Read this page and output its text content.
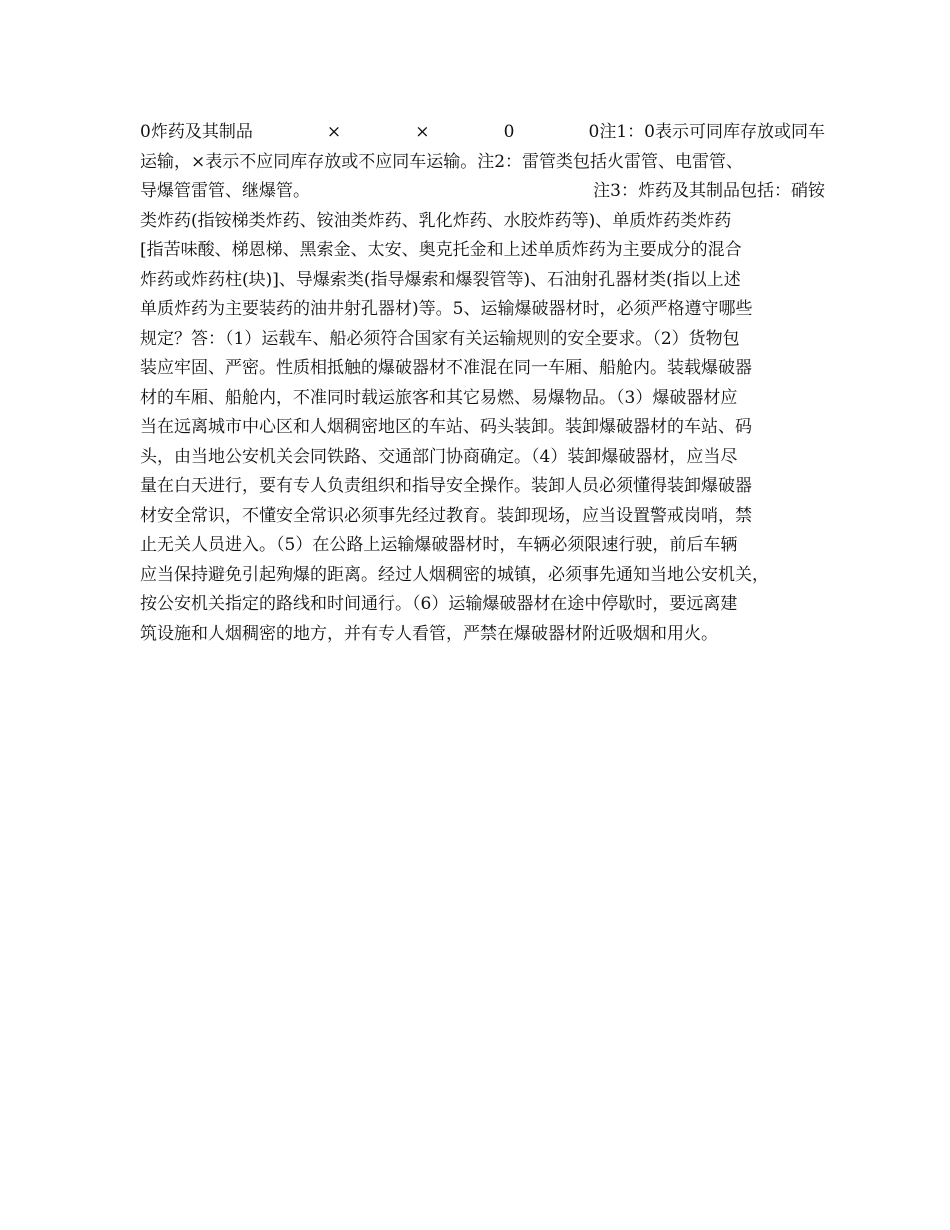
0炸药及其制品	×	×	0	0注1：0表示可同库存放或同车
运输，×表示不应同库存放或不应同车运输。注2：雷管类包括火雷管、电雷管、
导爆管雷管、继爆管。	注3：炸药及其制品包括：硝铵
类炸药(指铵梯类炸药、铵油类炸药、乳化炸药、水胶炸药等)、单质炸药类炸药
[指苦味酸、梯恩梯、黑索金、太安、奥克托金和上述单质炸药为主要成分的混合
炸药或炸药柱(块)]、导爆索类(指导爆索和爆裂管等)、石油射孔器材类(指以上述
单质炸药为主要装药的油井射孔器材)等。5、运输爆破器材时，必须严格遵守哪些
规定？答：（1）运载车、船必须符合国家有关运输规则的安全要求。（2）货物包
装应牢固、严密。性质相抵触的爆破器材不准混在同一车厢、船舱内。装载爆破器
材的车厢、船舱内，不准同时载运旅客和其它易燃、易爆物品。（3）爆破器材应
当在远离城市中心区和人烟稠密地区的车站、码头装卸。装卸爆破器材的车站、码
头，由当地公安机关会同铁路、交通部门协商确定。（4）装卸爆破器材，应当尽
量在白天进行，要有专人负责组织和指导安全操作。装卸人员必须懂得装卸爆破器
材安全常识，不懂安全常识必须事先经过教育。装卸现场，应当设置警戒岗哨，禁
止无关人员进入。（5）在公路上运输爆破器材时，车辆必须限速行驶，前后车辆
应当保持避免引起殉爆的距离。经过人烟稠密的城镇，必须事先通知当地公安机关，
按公安机关指定的路线和时间通行。（6）运输爆破器材在途中停歇时，要远离建
筑设施和人烟稠密的地方，并有专人看管，严禁在爆破器材附近吸烟和用火。
